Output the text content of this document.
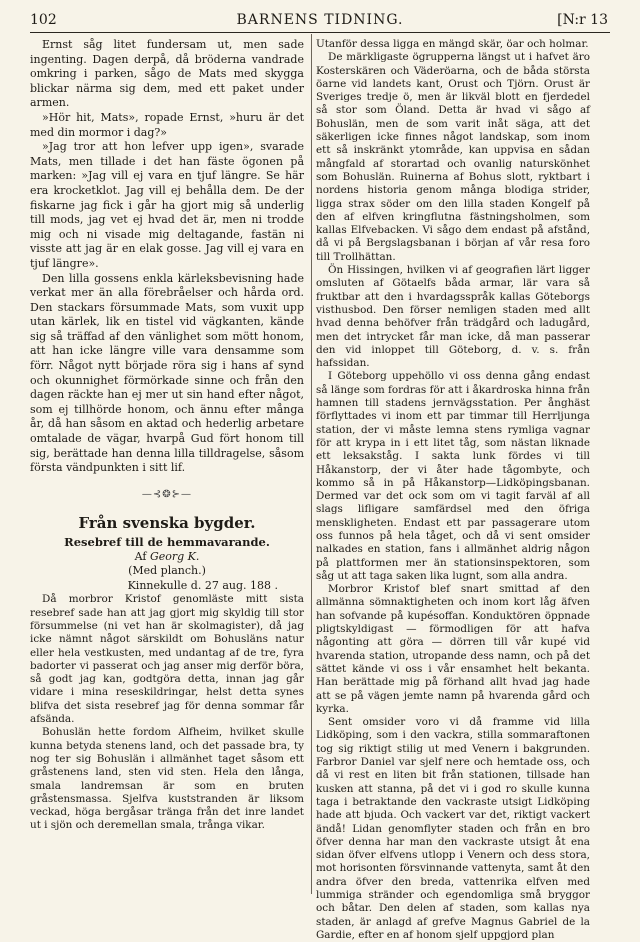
102	BARNENS TIDNING.	[N:r 13

Ernst såg litet fundersam ut, men sade ingenting. Dagen derpå, då bröderna vandrade omkring i parken, sågo de Mats med skygga blickar närma sig dem, med ett paket under armen.

»Hör hit, Mats», ropade Ernst, »huru är det med din mormor i dag?»

»Jag tror att hon lefver upp igen», svarade Mats, men tillade i det han fäste ögonen på marken: »Jag vill ej vara en tjuf längre. Se här era krocketklot. Jag vill ej behålla dem. De der fiskarne jag fick i går ha gjort mig så underlig till mods, jag vet ej hvad det är, men ni trodde mig och ni visade mig deltagande, fastän ni visste att jag är en elak gosse. Jag vill ej vara en tjuf längre».

Den lilla gossens enkla kärleksbevisning hade verkat mer än alla förebråelser och hårda ord. Den stackars försummade Mats, som vuxit upp utan kärlek, lik en tistel vid vägkanten, kände sig så träffad af den vänlighet som mött honom, att han icke längre ville vara densamme som förr. Något nytt började röra sig i hans af synd och okunnighet förmörkade sinne och från den dagen räckte han ej mer ut sin hand efter något, som ej tillhörde honom, och ännu efter många år, då han såsom en aktad och hederlig arbetare omtalade de vägar, hvarpå Gud fört honom till sig, berättade han denna lilla tilldragelse, såsom första vändpunkten i sitt lif.

—⊰❂⊱—
Från svenska bygder.
Resebref till de hemmavarande.
Af Georg K.
(Med planch.)
Kinnekulle d. 27 aug. 188 .

Då morbror Kristof genomläste mitt sista resebref sade han att jag gjort mig skyldig till stor försummelse (ni vet han är skolmagister), då jag icke nämnt något särskildt om Bohusläns natur eller hela vestkusten, med undantag af de tre, fyra badorter vi passerat och jag anser mig derför böra, så godt jag kan, godtgöra detta, innan jag går vidare i mina reseskildringar, helst detta synes blifva det sista resebref jag för denna sommar får afsända.

Bohuslän hette fordom Alfheim, hvilket skulle kunna betyda stenens land, och det passade bra, ty nog ter sig Bohuslän i allmänhet taget såsom ett gråstenens land, sten vid sten. Hela den långa, smala landremsan är som en bruten gråstensmassa. Sjelfva kuststranden är liksom veckad, höga bergåsar tränga från det inre landet ut i sjön och deremellan smala, trånga vikar.

Utanför dessa ligga en mängd skär, öar och holmar.

De märkligaste ögrupperna längst ut i hafvet äro Kosterskären och Väderöarna, och de båda största öarne vid landets kant, Orust och Tjörn. Orust är Sveriges tredje ö, men är likväl blott en fjerdedel så stor som Öland. Detta är hvad vi sågo af Bohuslän, men de som varit inåt säga, att det säkerligen icke finnes något landskap, som inom ett så inskränkt ytområde, kan uppvisa en sådan mångfald af storartad och ovanlig naturskönhet som Bohuslän. Ruinerna af Bohus slott, ryktbart i nordens historia genom många blodiga strider, ligga strax söder om den lilla staden Kongelf på den af elfven kringflutna fästningsholmen, som kallas Elfvebacken. Vi sågo dem endast på afstånd, då vi på Bergslagsbanan i början af vår resa foro till Trollhättan.

Ön Hissingen, hvilken vi af geografien lärt ligger omsluten af Götaelfs båda armar, lär vara så fruktbar att den i hvardagsspråk kallas Göteborgs visthusbod. Den förser nemligen staden med allt hvad denna behöfver från trädgård och ladugård, men det intrycket får man icke, då man passerar den vid inloppet till Göteborg, d. v. s. från hafssidan.

I Göteborg uppehöllo vi oss denna gång endast så länge som fordras för att i åkardroska hinna från hamnen till stadens jernvägsstation. Per ånghäst förflyttades vi inom ett par timmar till Herrljunga station, der vi måste lemna stens rymliga vagnar för att krypa in i ett litet tåg, som nästan liknade ett leksakståg. I sakta lunk fördes vi till Håkanstorp, der vi åter hade tågombyte, och kommo så in på Håkanstorp—Lidköpingsbanan. Dermed var det ock som om vi tagit farväl af all slags lifligare samfärdsel med den öfriga menskligheten. Endast ett par passagerare utom oss funnos på hela tåget, och då vi sent omsider nalkades en station, fans i allmänhet aldrig någon på plattformen mer än stationsinspektoren, som såg ut att taga saken lika lugnt, som alla andra.

Morbror Kristof blef snart smittad af den allmänna sömnaktigheten och inom kort låg äfven han sofvande på kupésoffan. Konduktören öppnade pligtskyldigast — förmodligen för att hafva någonting att göra — dörren till vår kupé vid hvarenda station, utropande dess namn, och på det sättet kände vi oss i vår ensamhet helt bekanta. Han berättade mig på förhand allt hvad jag hade att se på vägen jemte namn på hvarenda gård och kyrka.

Sent omsider voro vi då framme vid lilla Lidköping, som i den vackra, stilla sommaraftonen tog sig riktigt stilig ut med Venern i bakgrunden. Farbror Daniel var sjelf nere och hemtade oss, och då vi rest en liten bit från stationen, tillsade han kusken att stanna, på det vi i god ro skulle kunna taga i betraktande den vackraste utsigt Lidköping hade att bjuda. Och vackert var det, riktigt vackert ändå! Lidan genomflyter staden och från en bro öfver denna har man den vackraste utsigt åt ena sidan öfver elfvens utlopp i Venern och dess stora, mot horisonten försvinnande vattenyta, samt åt den andra öfver den breda, vattenrika elfven med lummiga stränder och egendomliga små bryggor och båtar. Den delen af staden, som kallas nya staden, är anlagd af grefve Magnus Gabriel de la Gardie, efter en af honom sjelf uppgjord plan
